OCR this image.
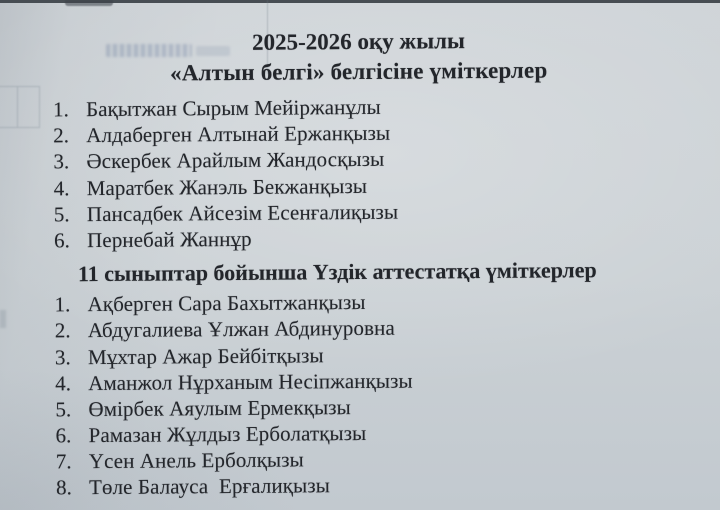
2025-2026 оқу жылы
«Алтын белгі» белгісіне үміткерлер
1. Бақытжан Сырым Мейіржанұлы
2. Алдаберген Алтынай Ержанқызы
3. Әскербек Арайлым Жандосқызы
4. Маратбек Жанэль Бекжанқызы
5. Пансадбек Айсезім Есенғалиқызы
6. Пернебай Жаннұр
11 сыныптар бойынша Үздік аттестатқа үміткерлер
1. Ақберген Сара Бахытжанқызы
2. Абдугалиева Ұлжан Абдинуровна
3. Мұхтар Ажар Бейбітқызы
4. Аманжол Нұрханым Несіпжанқызы
5. Өмірбек Аяулым Ермекқызы
6. Рамазан Жұлдыз Ерболатқызы
7. Үсен Анель Ерболқызы
8. Төле Балауса  Ерғалиқызы
